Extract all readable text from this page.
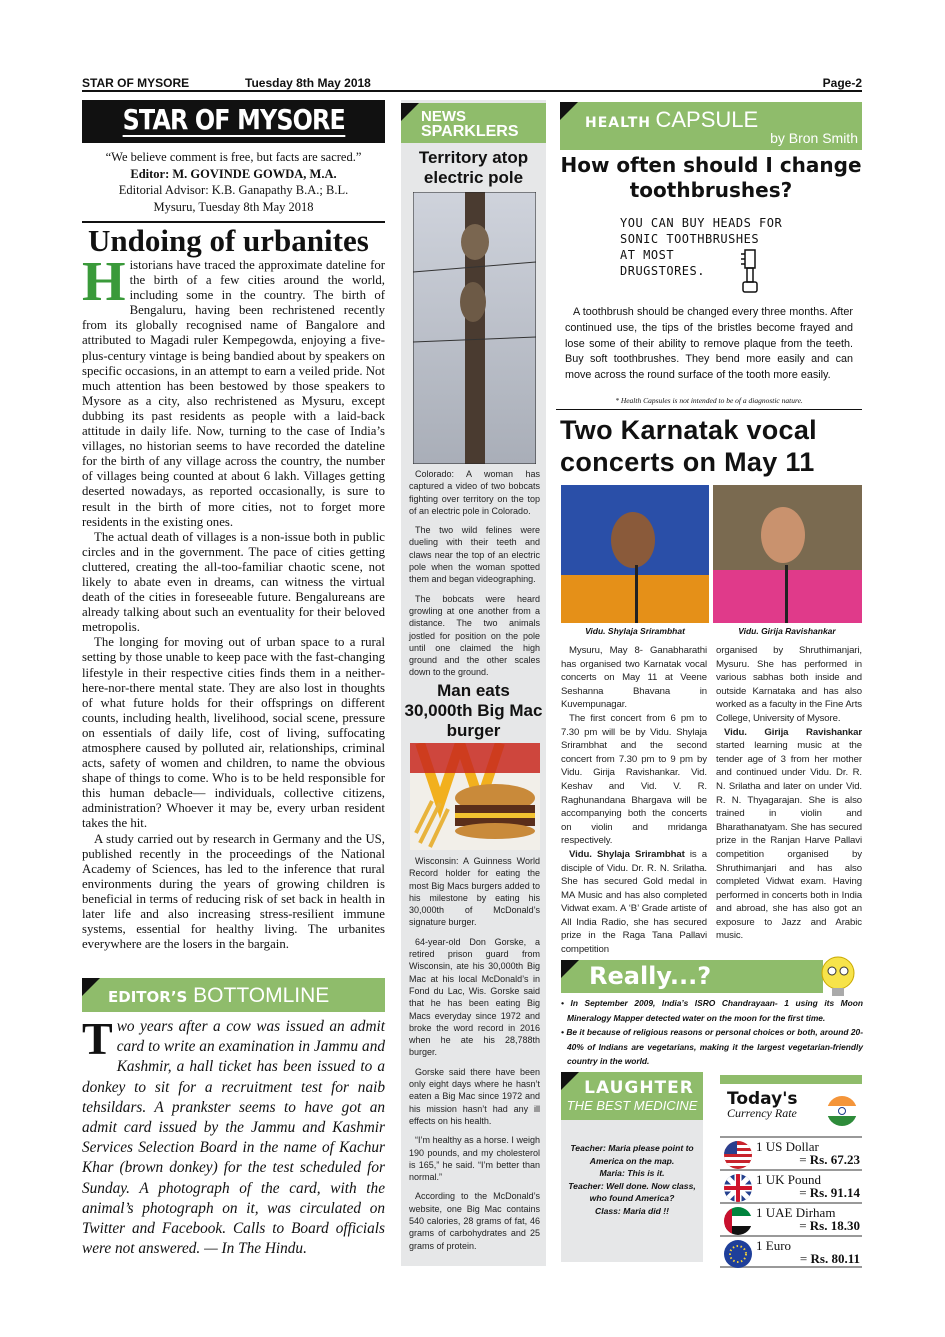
STAR OF MYSORE	Tuesday 8th May 2018	Page-2
STAR OF MYSORE
“We believe comment is free, but facts are sacred.”
Editor: M. GOVINDE GOWDA, M.A.
Editorial Advisor: K.B. Ganapathy B.A.; B.L.
Mysuru, Tuesday 8th May 2018
Undoing of urbanites

Historians have traced the approximate dateline for the birth of a few cities around the world, including some in the country. The birth of Bengaluru, having been rechristened recently from its globally recognised name of Bangalore and attributed to Magadi ruler Kempegowda, enjoying a five-plus-century vintage is being bandied about by speakers on specific occasions, in an attempt to earn a veiled pride. Not much attention has been bestowed by those speakers to Mysore as a city, also rechristened as Mysuru, except dubbing its past residents as people with a laid-back attitude in daily life. Now, turning to the case of India’s villages, no historian seems to have recorded the dateline for the birth of any village across the country, the number of villages being counted at about 6 lakh. Villages getting deserted nowadays, as reported occasionally, is sure to result in the birth of more cities, not to forget more residents in the existing ones.

The actual death of villages is a non-issue both in public circles and in the government. The pace of cities getting cluttered, creating the all-too-familiar chaotic scene, not likely to abate even in dreams, can witness the virtual death of the cities in foreseeable future. Bengalureans are already talking about such an eventuality for their beloved metropolis.

The longing for moving out of urban space to a rural setting by those unable to keep pace with the fast-changing lifestyle in their respective cities finds them in a neither-here-nor-there mental state. They are also lost in thoughts of what future holds for their offsprings on different counts, including health, livelihood, social scene, pressure on essentials of daily life, cost of living, suffocating atmosphere caused by polluted air, relationships, criminal acts, safety of women and children, to name the obvious shape of things to come. Who is to be held responsible for this human debacle— individuals, collective citizens, administration? Whoever it may be, every urban resident takes the hit.

A study carried out by research in Germany and the US, published recently in the proceedings of the National Academy of Sciences, has led to the inference that rural environments during the years of growing children is beneficial in terms of reducing risk of set back in health in later life and also increasing stress-resilient immune systems, essential for healthy living. The urbanites everywhere are the losers in the bargain.

EDITOR’S BOTTOMLINE
Two years after a cow was issued an admit card to write an examination in Jammu and Kashmir, a hall ticket has been issued to a donkey to sit for a recruitment test for naib tehsildars. A prankster seems to have got an admit card issued by the Jammu and Kashmir Services Selection Board in the name of Kachur Khar (brown donkey) for the test scheduled for Sunday. A photograph of the card, with the animal’s photograph on it, was circulated on Twitter and Facebook. Calls to Board officials were not answered. — In The Hindu.
NEWS
SPARKLERS
Territory atop electric pole

Colorado: A woman has captured a video of two bobcats fighting over territory on the top of an electric pole in Colorado.

The two wild felines were dueling with their teeth and claws near the top of an electric pole when the woman spotted them and began videographing.

The bobcats were heard growling at one another from a distance. The two animals jostled for position on the pole until one claimed the high ground and the other scales down to the ground.

Man eats 30,000th Big Mac burger

Wisconsin: A Guinness World Record holder for eating the most Big Macs burgers added to his milestone by eating his 30,000th of McDonald’s signature burger.

64-year-old Don Gorske, a retired prison guard from Wisconsin, ate his 30,000th Big Mac at his local McDonald’s in Fond du Lac, Wis. Gorske said that he has been eating Big Macs everyday since 1972 and broke the word record in 2016 when he ate his 28,788th burger.

Gorske said there have been only eight days where he hasn’t eaten a Big Mac since 1972 and his mission hasn’t had any ill effects on his health.

“I’m healthy as a horse. I weigh 190 pounds, and my cholesterol is 165,” he said. “I’m better than normal.”

According to the McDonald’s website, one Big Mac contains 540 calories, 28 grams of fat, 46 grams of carbohydrates and 25 grams of protein.

HEALTH CAPSULE
by Bron Smith
How often should I change toothbrushes?
YOU CAN BUY HEADS FOR
SONIC TOOTHBRUSHES
AT MOST
DRUGSTORES.
A toothbrush should be changed every three months. After continued use, the tips of the bristles become frayed and lose some of their ability to remove plaque from the teeth. Buy soft toothbrushes. They bend more easily and can move across the round surface of the tooth more easily.
* Health Capsules is not intended to be of a diagnostic nature.
Two Karnatak vocal concerts on May 11
Vidu. Shylaja Srirambhat	Vidu. Girija Ravishankar

Mysuru, May 8- Ganabharathi has organised two Karnatak vocal concerts on May 11 at Veene Seshanna Bhavana in Kuvempunagar.

The first concert from 6 pm to 7.30 pm will be by Vidu. Shylaja Srirambhat and the second concert from 7.30 pm to 9 pm by Vidu. Girija Ravishankar. Vid. Keshav and Vid. V. R. Raghunandana Bhargava will be accompanying both the concerts on violin and mridanga respectively.

Vidu. Shylaja Srirambhat is a disciple of Vidu. Dr. R. N. Srilatha. She has secured Gold medal in MA Music and has also completed Vidwat exam. A ‘B’ Grade artiste of All India Radio, she has secured prize in the Raga Tana Pallavi competition

organised by Shruthimanjari, Mysuru. She has performed in various sabhas both inside and outside Karnataka and has also worked as a faculty in the Fine Arts College, University of Mysore.

Vidu. Girija Ravishankar started learning music at the tender age of 3 from her mother and continued under Vidu. Dr. R. N. Srilatha and later on under Vid. R. N. Thyagarajan. She is also trained in violin and Bharathanatyam. She has secured prize in the Ranjan Harve Pallavi competition organised by Shruthimanjari and has also completed Vidwat exam. Having performed in concerts both in India and abroad, she has also got an exposure to Jazz and Arabic music.

Really...?
• In September 2009, India’s ISRO Chandrayaan- 1 using its Moon Mineralogy Mapper detected water on the moon for the first time.
• Be it because of religious reasons or personal choices or both, around 20-40% of Indians are vegetarians, making it the largest vegetarian-friendly country in the world.
LAUGHTER
THE BEST MEDICINE
Teacher: Maria please point to America on the map.
Maria: This is it.
Teacher: Well done. Now class, who found America?
Class: Maria did !!
Today's
Currency Rate
1 US Dollar
= Rs. 67.23
1 UK Pound
= Rs. 91.14
1 UAE Dirham
= Rs. 18.30
1 Euro
= Rs. 80.11
